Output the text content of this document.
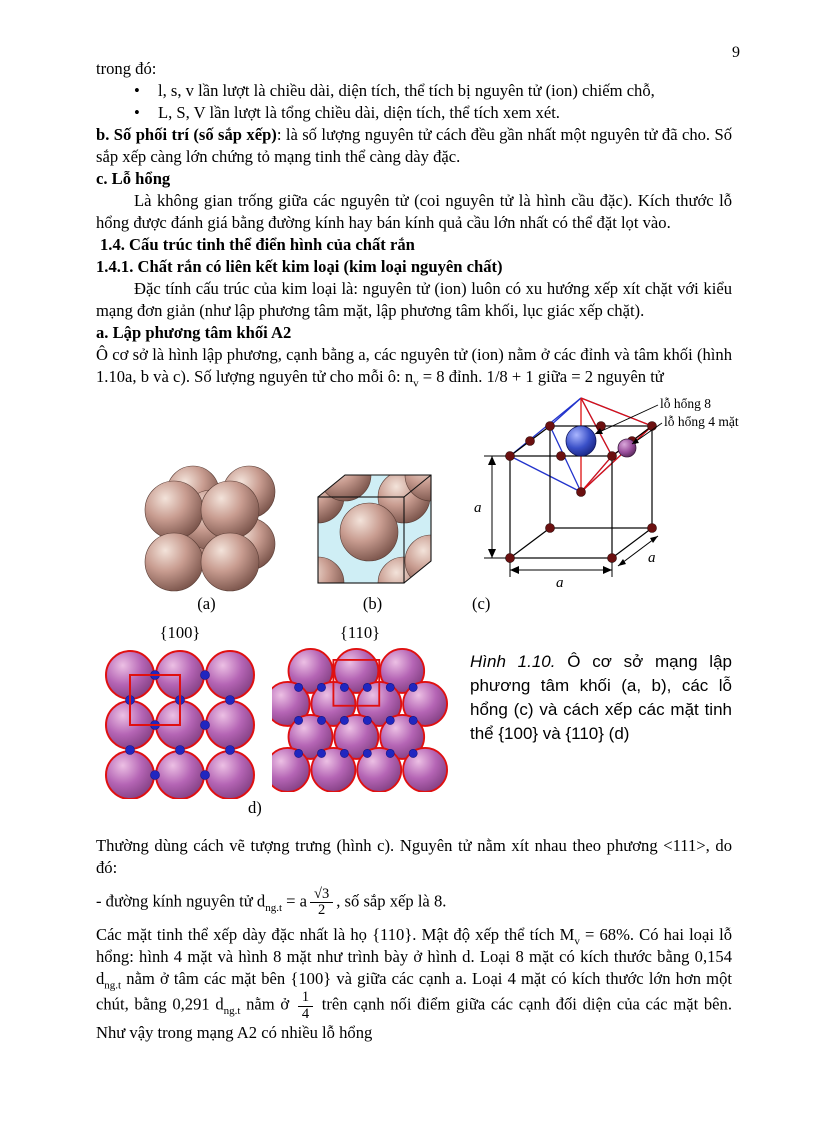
9

trong đó:

•
l, s, v lần lượt là chiều dài, diện tích, thể tích bị nguyên tử (ion) chiếm chỗ,
•
L, S, V lần lượt là tổng chiều dài, diện tích, thể tích xem xét.

b. Số phối trí (số sắp xếp): là số lượng nguyên tử cách đều gần nhất một nguyên tử đã cho. Số sắp xếp càng lớn chứng tỏ mạng tinh thể càng dày đặc.

c. Lỗ hổng

Là không gian trống giữa các nguyên tử (coi nguyên tử là hình cầu đặc). Kích thước lỗ hổng được đánh giá bằng đường kính hay bán kính quả cầu lớn nhất có thể đặt lọt vào.

1.4. Cấu trúc tinh thể điển hình của chất rắn

1.4.1. Chất rắn có liên kết kim loại (kim loại nguyên chất)

Đặc tính cấu trúc của kim loại là: nguyên tử (ion) luôn có xu hướng xếp xít chặt với kiểu mạng đơn giản (như lập phương tâm mặt, lập phương tâm khối, lục giác xếp chặt).

a. Lập phương tâm khối A2

Ô cơ sở là hình lập phương, cạnh bằng a, các nguyên tử (ion) nằm ở các đỉnh và tâm khối (hình 1.10a, b và c). Số lượng nguyên tử cho mỗi ô: $n_v = 8$ đỉnh. 1/8 + 1 giữa = 2 nguyên tử

(a)	(b)
lỗ hổng 8
lỗ hổng 4 mặt
a
a
a
(c)
{100}	{110}
d)
Hình 1.10. Ô cơ sở mạng lập phương tâm khối (a, b), các lỗ hổng (c) và cách xếp các mặt tinh thể {100} và {110} (d)

Thường dùng cách vẽ tượng trưng (hình c). Nguyên tử nằm xít nhau theo phương <111>, do đó:

- đường kính nguyên tử $d_{ng.t} = a \frac{√3}{2}$ , số sắp xếp là 8.

Các mặt tinh thể xếp dày đặc nhất là họ {110}. Mật độ xếp thể tích $M_v = 68\%$. Có hai loại lỗ hổng: hình 4 mặt và hình 8 mặt như trình bày ở hình d. Loại 8 mặt có kích thước bằng 0,154 $d_{ng.t}$ nằm ở tâm các mặt bên {100} và giữa các cạnh a. Loại 4 mặt có kích thước lớn hơn một chút, bằng 0,291 $d_{ng.t}$ nằm ở $\frac{1}{4}$ trên cạnh nối điểm giữa các cạnh đối diện của các mặt bên. Như vậy trong mạng A2 có nhiều lỗ hổng
